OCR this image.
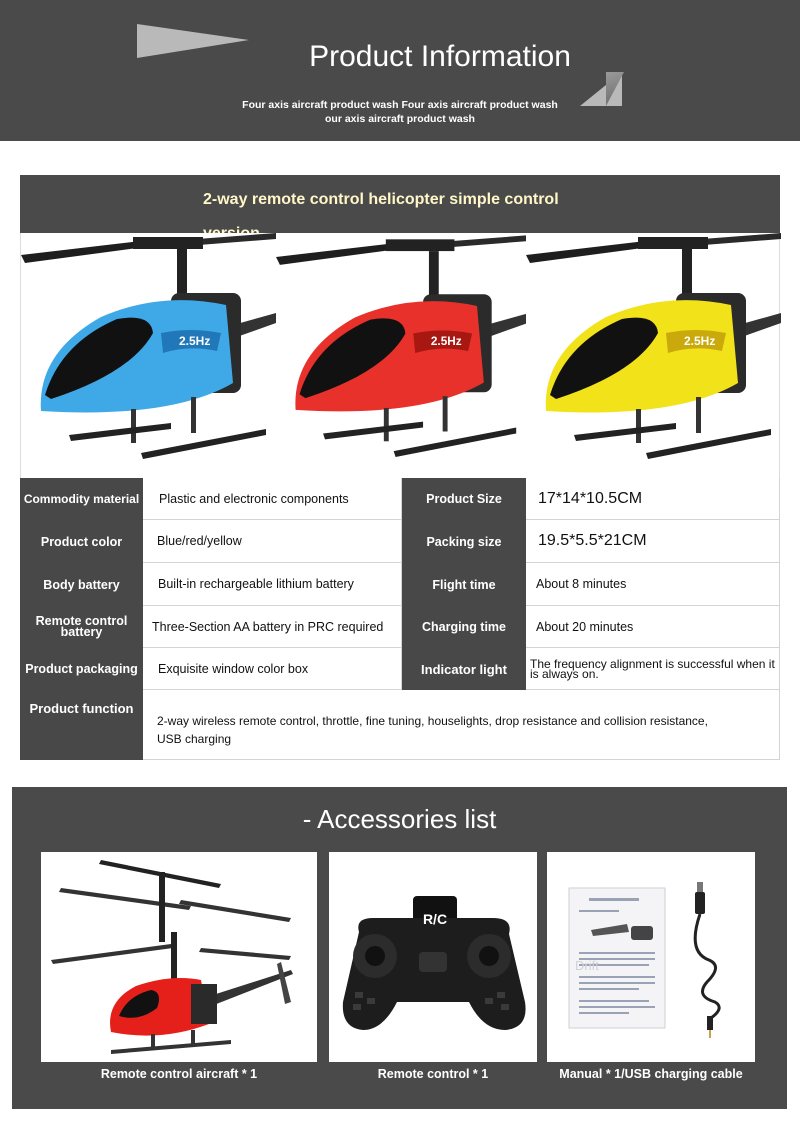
Product Information
Four axis aircraft product wash Four axis aircraft product wash
our axis aircraft product wash
2-way remote control helicopter simple control
2.5Hz	2.5Hz	2.5Hz
Commodity material	Plastic and electronic components	Product Size	17*14*10.5CM
Product color	Blue/red/yellow	Packing size	19.5*5.5*21CM
Body battery	Built-in rechargeable lithium battery	Flight time	About 8 minutes
Remote control battery	Three-Section AA battery in PRC required	Charging time	About 20 minutes
Product packaging	Exquisite window color box	Indicator light	The frequency alignment is successful when it is always on.
Product function
2-way wireless remote control, throttle, fine tuning, houselights, drop resistance and collision resistance, USB charging
- Accessories list
Remote control aircraft * 1
R/C
Remote control * 1
Drift
Manual * 1/USB charging cable
